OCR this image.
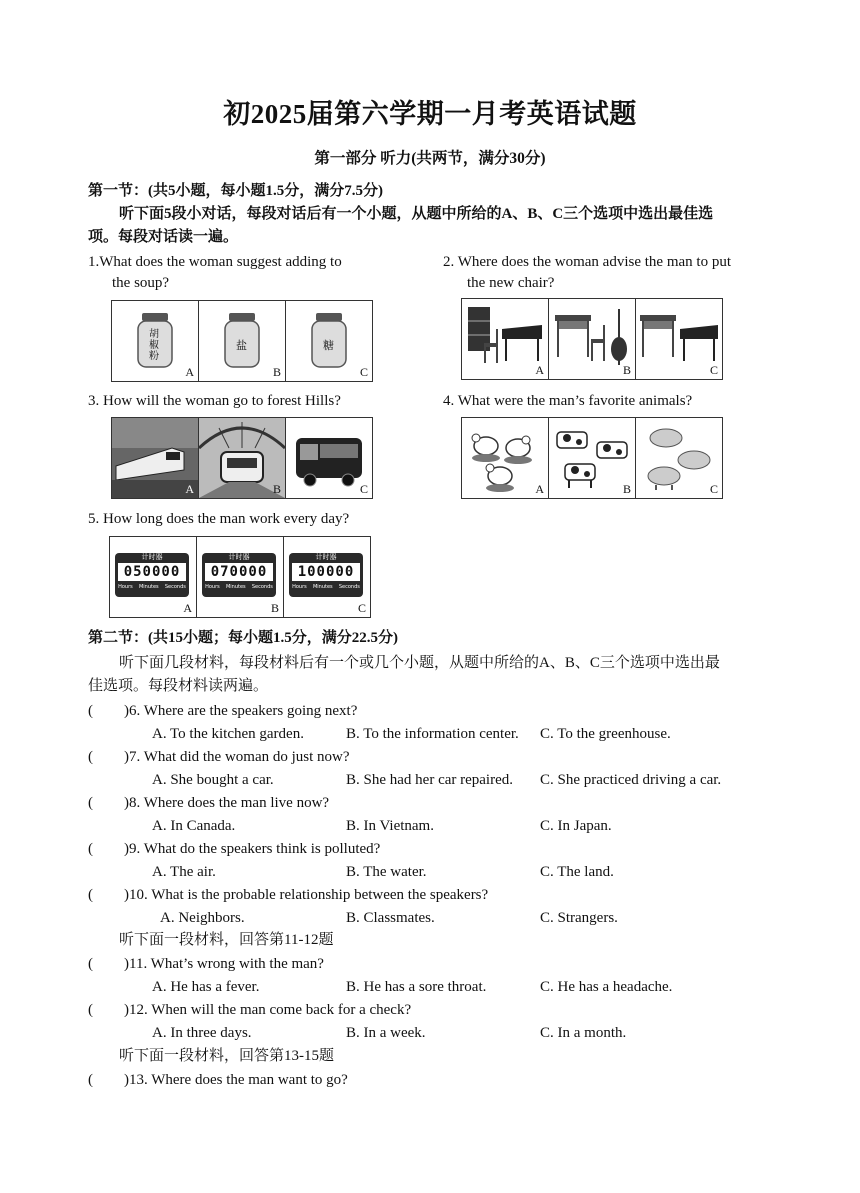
初2025届第六学期一月考英语试题
第一部分 听力(共两节，满分30分)
第一节：(共5小题，每小题1.5分，满分7.5分)
听下面5段小对话，每段对话后有一个小题，从题中所给的A、B、C三个选项中选出最佳选
项。每段对话读一遍。
1.What does the woman suggest adding to
the soup?
胡椒粉
A
盐
B
糖
C
2. Where does the woman advise the man to put
the new chair?
A	B	C
3. How will the woman go to forest Hills?
A	B	C
4. What were the man’s favorite animals?
A	B	C
5. How long does the man work every day?
计时器
050000
Hours Minutes Seconds
A
计时器
070000
Hours Minutes Seconds
B
计时器
100000
Hours Minutes Seconds
C
第二节：(共15小题；每小题1.5分，满分22.5分)
听下面几段材料，每段材料后有一个或几个小题，从题中所给的A、B、C三个选项中选出最
佳选项。每段材料读两遍。
( )6. Where are the speakers going next?
A. To the kitchen garden.	B. To the information center. C. To the greenhouse.
( )7. What did the woman do just now?
A. She bought a car.	B. She had her car repaired. C. She practiced driving a car.
( )8. Where does the man live now?
A. In Canada.	B. In Vietnam.	C. In Japan.
( )9. What do the speakers think is polluted?
A. The air.	B. The water.	C. The land.
( )10. What is the probable relationship between the speakers?
A. Neighbors.	B. Classmates.	C. Strangers.
( )11. What’s wrong with the man?
A. He has a fever.	B. He has a sore throat.	C. He has a headache.
( )12. When will the man come back for a check?
A. In three days.	B. In a week.	C. In a month.
( )13. Where does the man want to go?
听下面一段材料，回答第11-12题
听下面一段材料，回答第13-15题
